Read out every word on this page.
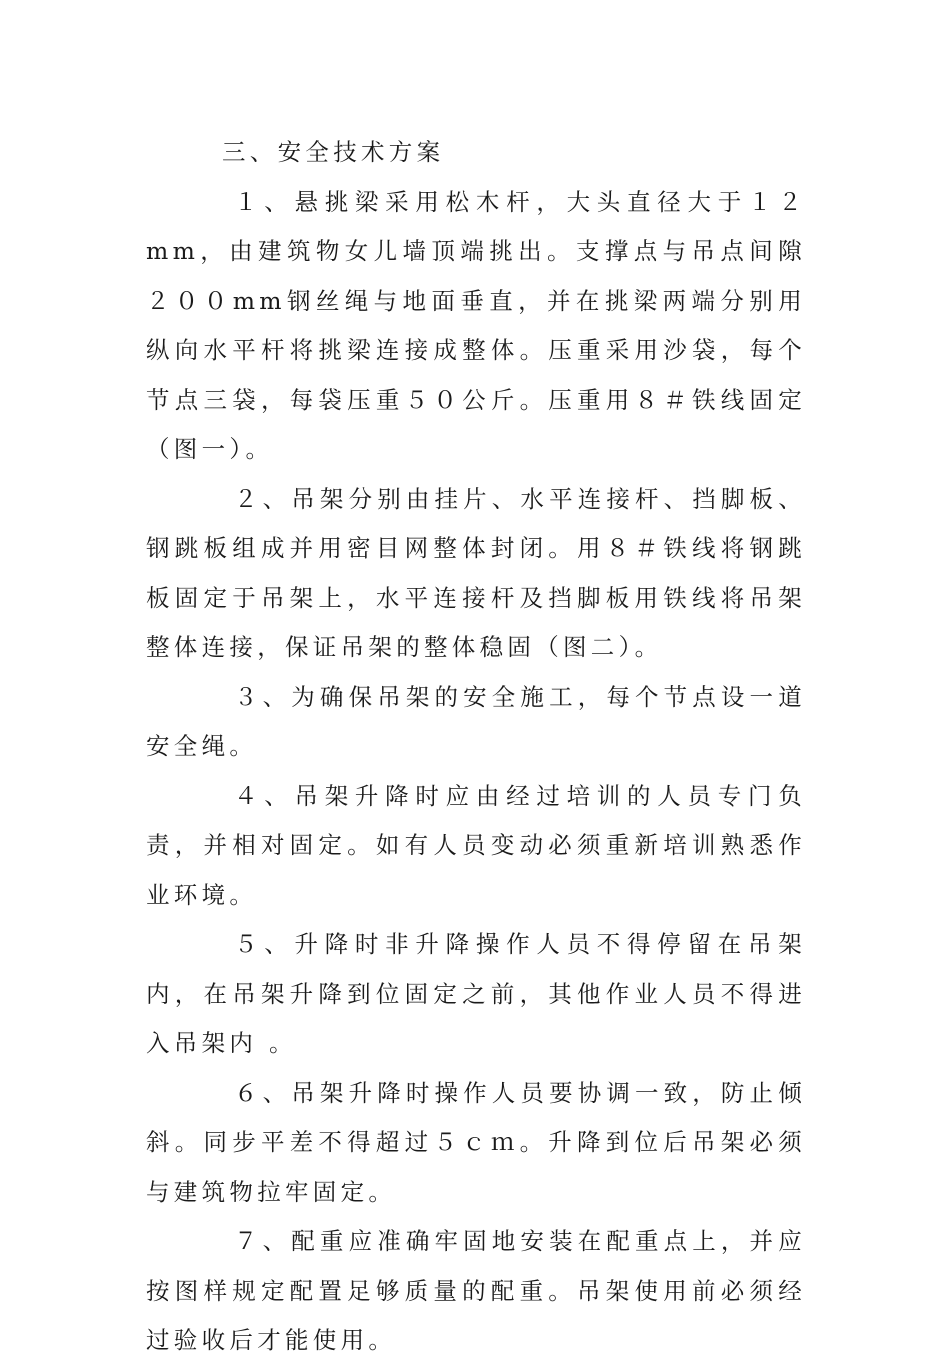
三、安全技术方案

１、悬挑梁采用松木杆，大头直径大于１２mm，由建筑物女儿墙顶端挑出。支撑点与吊点间隙２００mm钢丝绳与地面垂直，并在挑梁两端分别用纵向水平杆将挑梁连接成整体。压重采用沙袋，每个节点三袋，每袋压重５０公斤。压重用８＃铁线固定（图一）。

２、吊架分别由挂片、水平连接杆、挡脚板、钢跳板组成并用密目网整体封闭。用８＃铁线将钢跳板固定于吊架上，水平连接杆及挡脚板用铁线将吊架整体连接，保证吊架的整体稳固（图二）。

３、为确保吊架的安全施工，每个节点设一道安全绳。

４、吊架升降时应由经过培训的人员专门负责，并相对固定。如有人员变动必须重新培训熟悉作业环境。

５、升降时非升降操作人员不得停留在吊架内，在吊架升降到位固定之前，其他作业人员不得进入吊架内 。

６、吊架升降时操作人员要协调一致，防止倾斜。同步平差不得超过５ｃｍ。升降到位后吊架必须与建筑物拉牢固定。

７、配重应准确牢固地安装在配重点上，并应按图样规定配置足够质量的配重。吊架使用前必须经过验收后才能使用。
